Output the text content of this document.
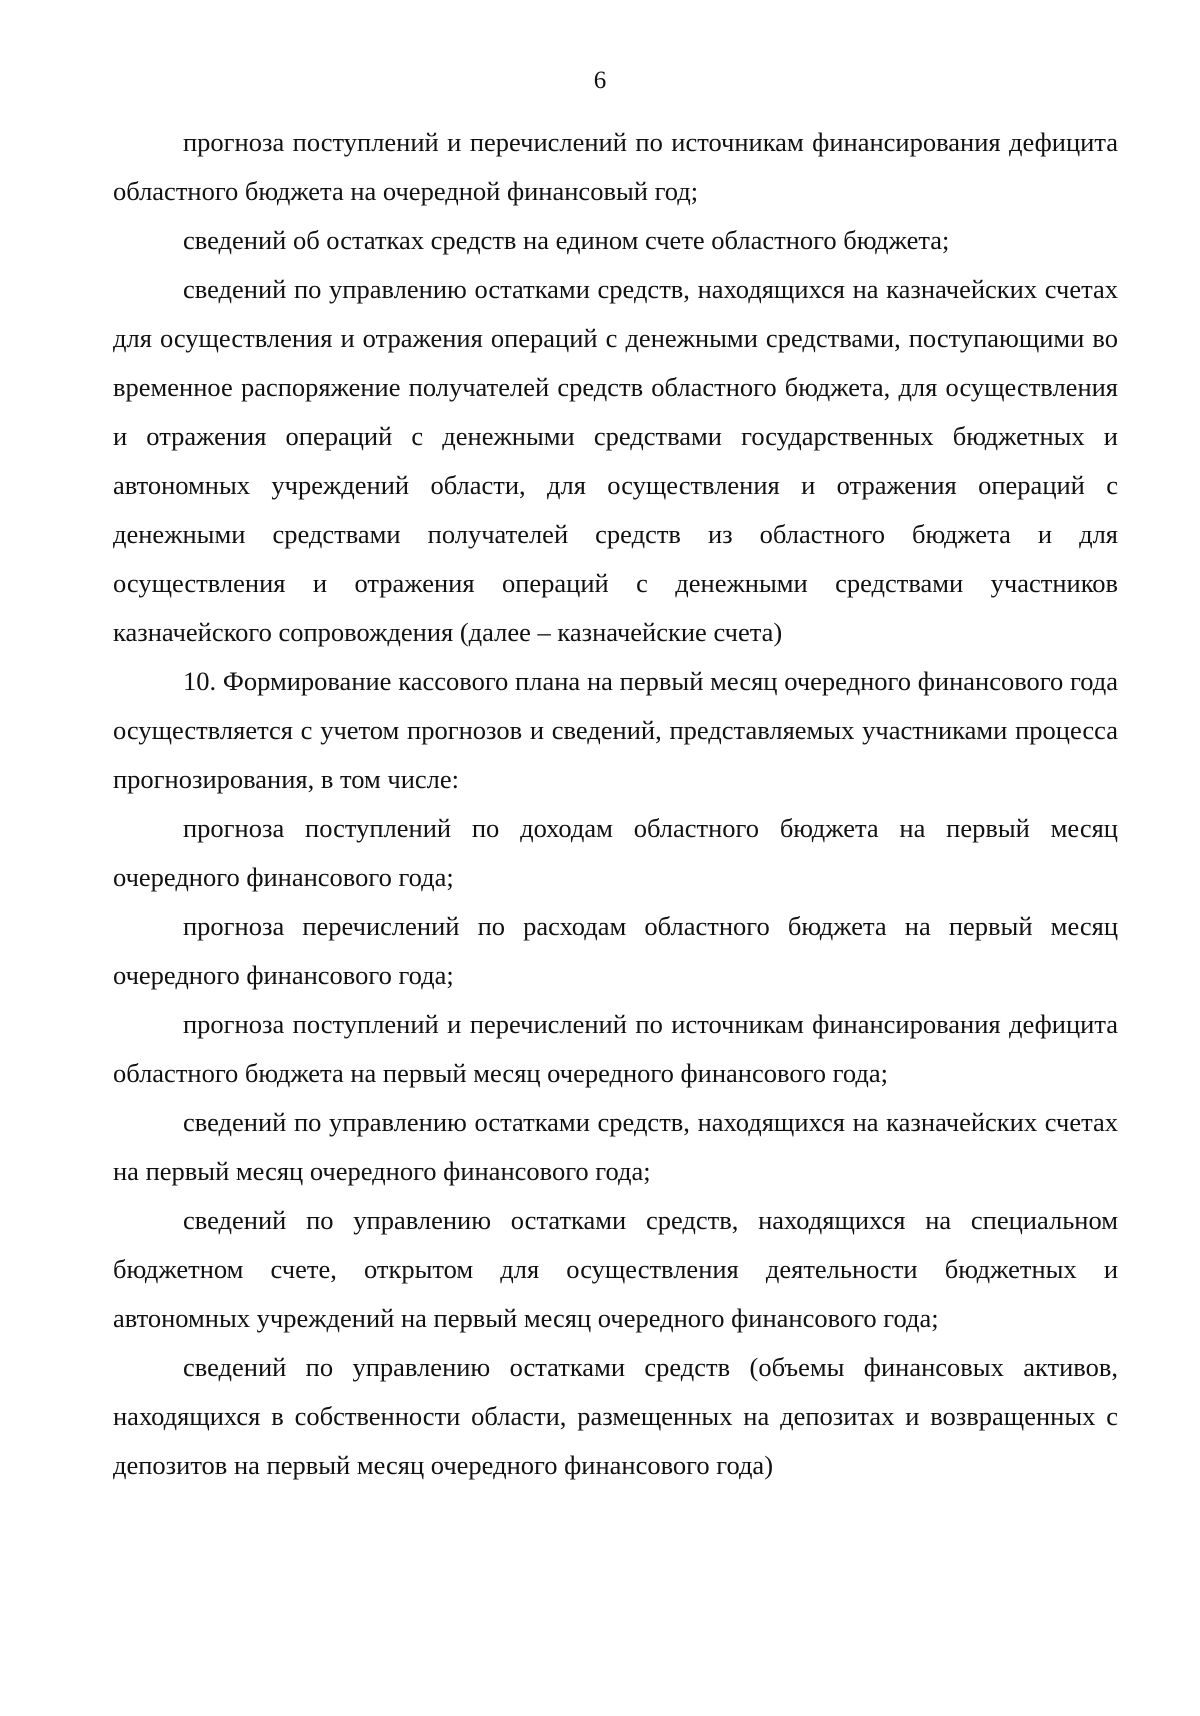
6

прогноза поступлений и перечислений по источникам финансирования дефицита областного бюджета на очередной финансовый год;

сведений об остатках средств на едином счете областного бюджета;

сведений по управлению остатками средств, находящихся на казначейских счетах для осуществления и отражения операций с денежными средствами, поступающими во временное распоряжение получателей средств областного бюджета, для осуществления и отражения операций с денежными средствами государственных бюджетных и автономных учреждений области, для осуществления и отражения операций с денежными средствами получателей средств из областного бюджета и для осуществления и отражения операций с денежными средствами участников казначейского сопровождения (далее – казначейские счета)

10. Формирование кассового плана на первый месяц очередного финансового года осуществляется с учетом прогнозов и сведений, представляемых участниками процесса прогнозирования, в том числе:

прогноза поступлений по доходам областного бюджета на первый месяц очередного финансового года;

прогноза перечислений по расходам областного бюджета на первый месяц очередного финансового года;

прогноза поступлений и перечислений по источникам финансирования дефицита областного бюджета на первый месяц очередного финансового года;

сведений по управлению остатками средств, находящихся на казначейских счетах на первый месяц очередного финансового года;

сведений по управлению остатками средств, находящихся на специальном бюджетном счете, открытом для осуществления деятельности бюджетных и автономных учреждений на первый месяц очередного финансового года;

сведений по управлению остатками средств (объемы финансовых активов, находящихся в собственности области, размещенных на депозитах и возвращенных с депозитов на первый месяц очередного финансового года)
